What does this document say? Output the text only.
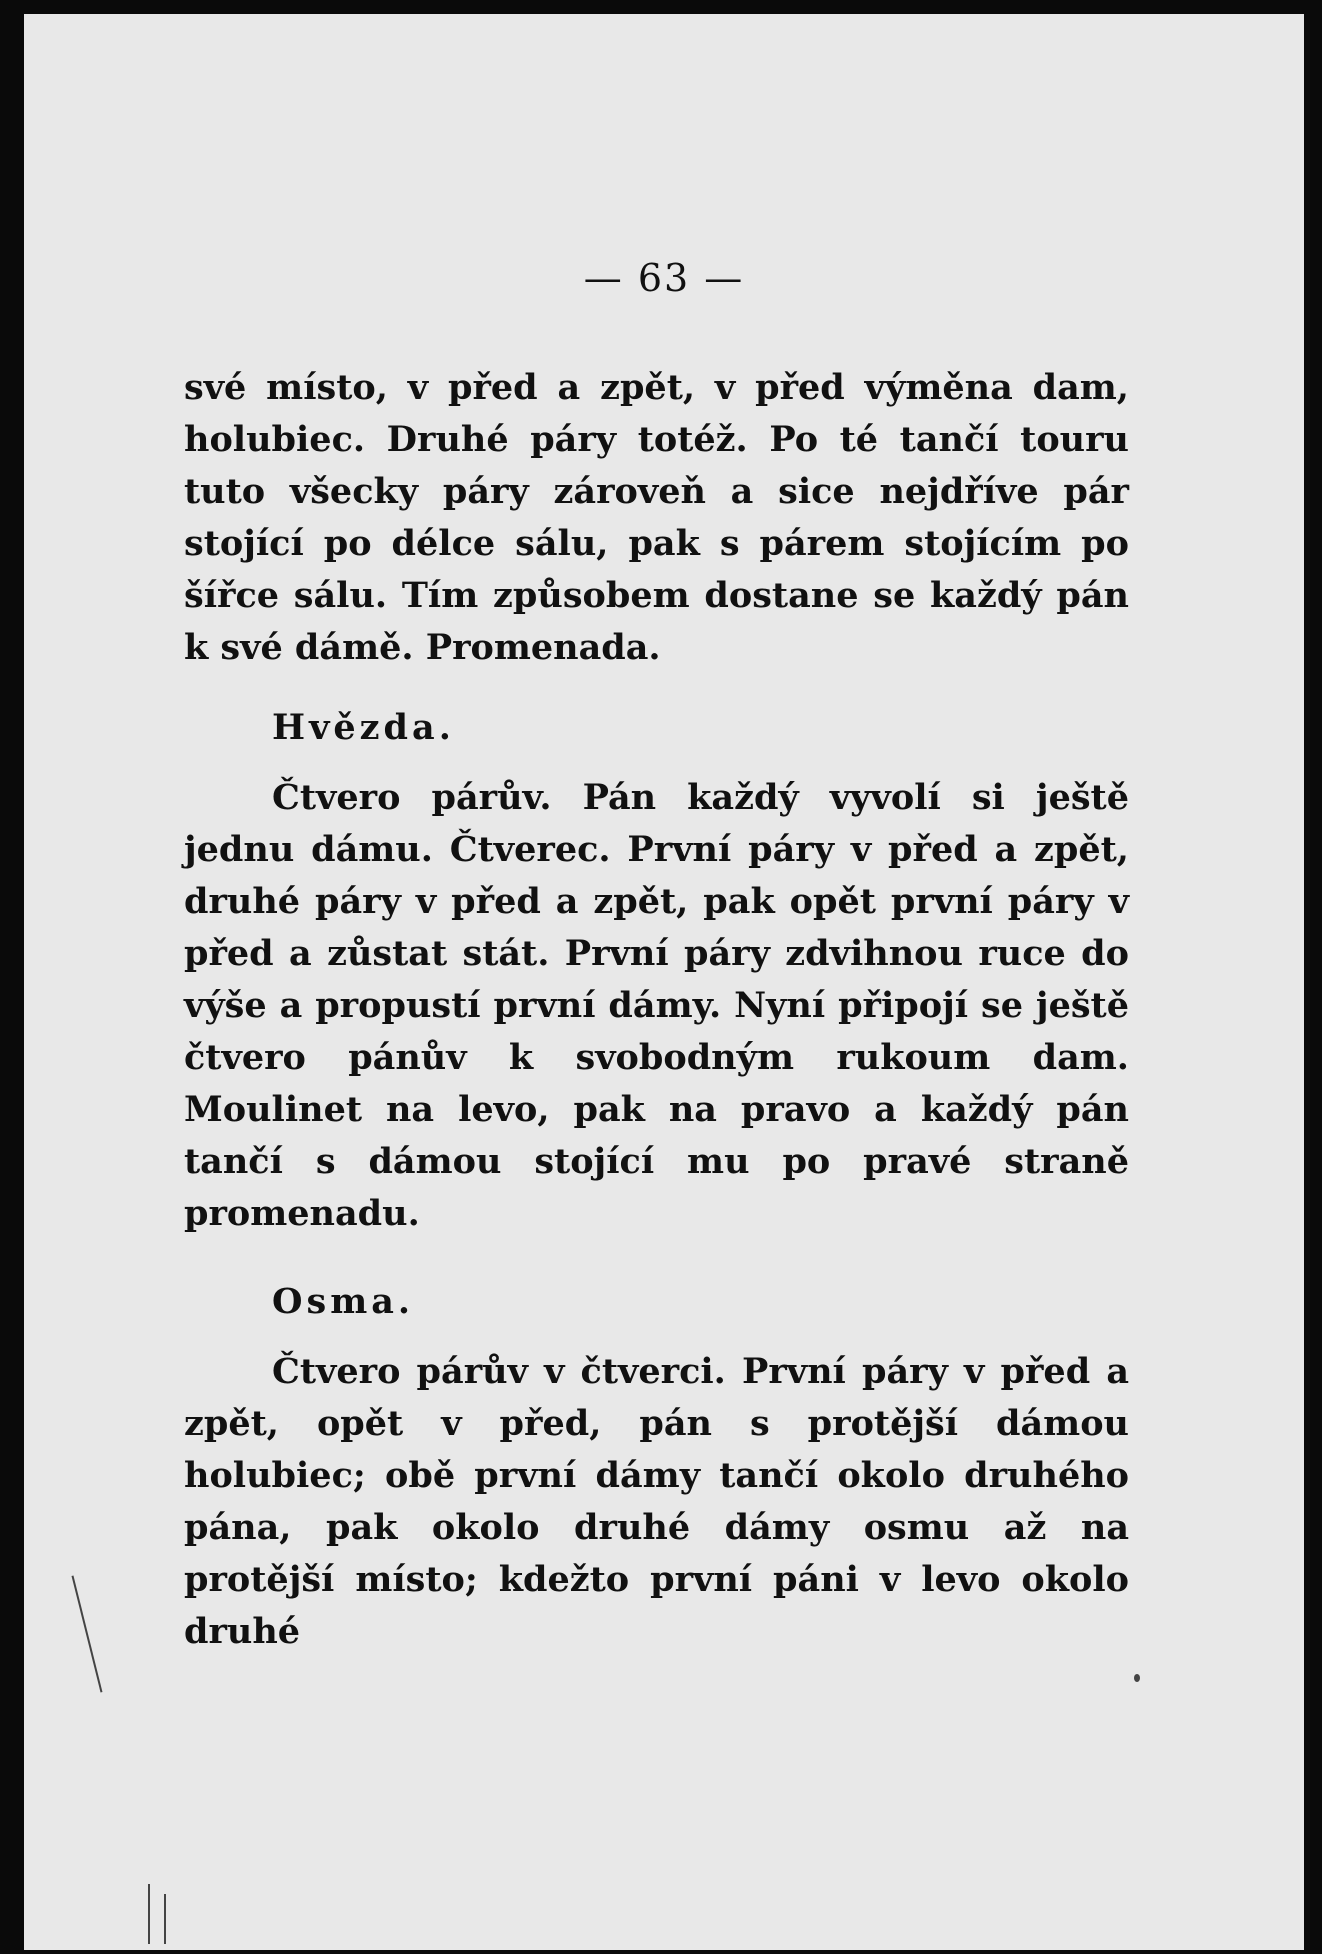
— 63 —

své místo, v před a zpět, v před výměna dam, holubiec. Druhé páry totéž. Po té tančí touru tuto všecky páry zároveň a sice nejdříve pár stojící po délce sálu, pak s párem stojícím po šířce sálu. Tím způsobem dostane se každý pán k své dámě. Promenada.

Hvězda.

Čtvero párův. Pán každý vyvolí si ještě jednu dámu. Čtverec. První páry v před a zpět, druhé páry v před a zpět, pak opět první páry v před a zůstat stát. První páry zdvihnou ruce do výše a propustí první dámy. Nyní připojí se ještě čtvero pánův k svobodným rukoum dam. Moulinet na levo, pak na pravo a každý pán tančí s dámou stojící mu po pravé straně promenadu.

Osma.

Čtvero párův v čtverci. První páry v před a zpět, opět v před, pán s protější dámou holubiec; obě první dámy tančí okolo druhého pána, pak okolo druhé dámy osmu až na protější místo; kdežto první páni v levo okolo druhé
